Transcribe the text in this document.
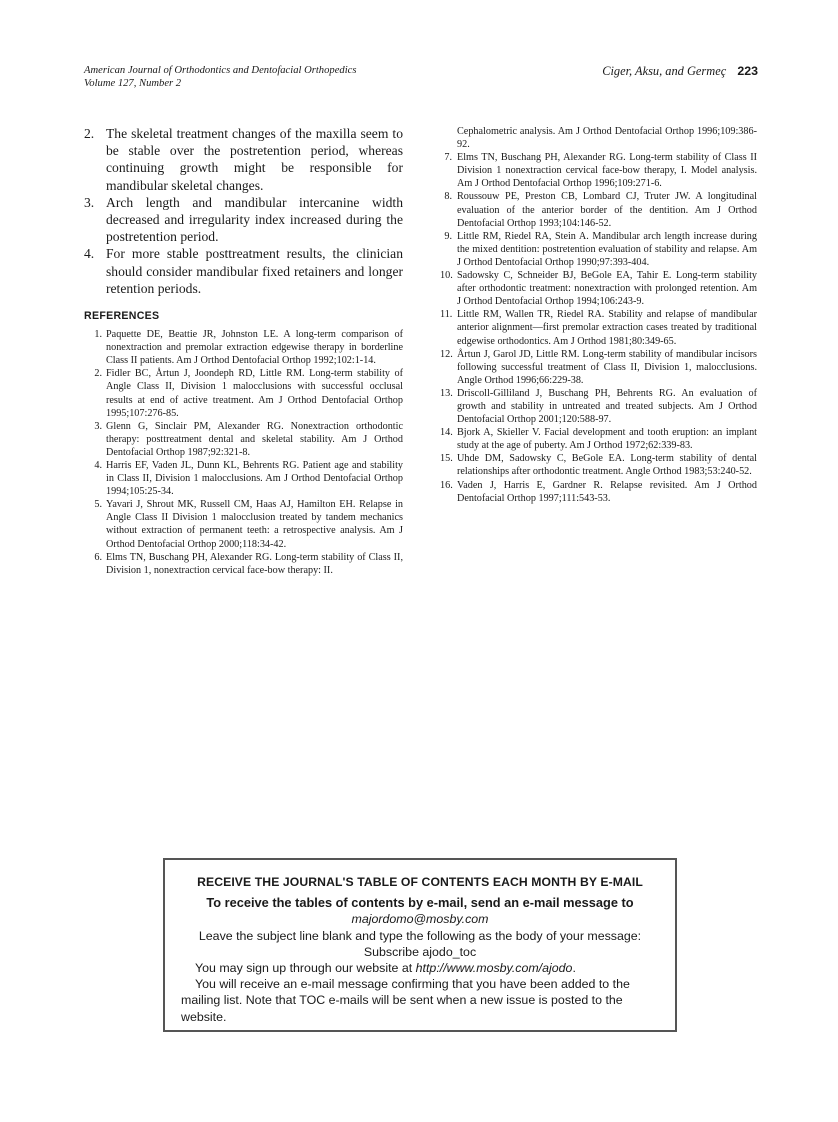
American Journal of Orthodontics and Dentofacial Orthopedics
Volume 127, Number 2
Ciger, Aksu, and Germeç 223
2. The skeletal treatment changes of the maxilla seem to be stable over the postretention period, whereas continuing growth might be responsible for mandibular skeletal changes.
3. Arch length and mandibular intercanine width decreased and irregularity index increased during the postretention period.
4. For more stable posttreatment results, the clinician should consider mandibular fixed retainers and longer retention periods.
REFERENCES
1. Paquette DE, Beattie JR, Johnston LE. A long-term comparison of nonextraction and premolar extraction edgewise therapy in borderline Class II patients. Am J Orthod Dentofacial Orthop 1992;102:1-14.
2. Fidler BC, Årtun J, Joondeph RD, Little RM. Long-term stability of Angle Class II, Division 1 malocclusions with successful occlusal results at end of active treatment. Am J Orthod Dentofacial Orthop 1995;107:276-85.
3. Glenn G, Sinclair PM, Alexander RG. Nonextraction orthodontic therapy: posttreatment dental and skeletal stability. Am J Orthod Dentofacial Orthop 1987;92:321-8.
4. Harris EF, Vaden JL, Dunn KL, Behrents RG. Patient age and stability in Class II, Division 1 malocclusions. Am J Orthod Dentofacial Orthop 1994;105:25-34.
5. Yavari J, Shrout MK, Russell CM, Haas AJ, Hamilton EH. Relapse in Angle Class II Division 1 malocclusion treated by tandem mechanics without extraction of permanent teeth: a retrospective analysis. Am J Orthod Dentofacial Orthop 2000;118:34-42.
6. Elms TN, Buschang PH, Alexander RG. Long-term stability of Class II, Division 1, nonextraction cervical face-bow therapy: II.
Cephalometric analysis. Am J Orthod Dentofacial Orthop 1996;109:386-92.
7. Elms TN, Buschang PH, Alexander RG. Long-term stability of Class II Division 1 nonextraction cervical face-bow therapy, I. Model analysis. Am J Orthod Dentofacial Orthop 1996;109:271-6.
8. Roussouw PE, Preston CB, Lombard CJ, Truter JW. A longitudinal evaluation of the anterior border of the dentition. Am J Orthod Dentofacial Orthop 1993;104:146-52.
9. Little RM, Riedel RA, Stein A. Mandibular arch length increase during the mixed dentition: postretention evaluation of stability and relapse. Am J Orthod Dentofacial Orthop 1990;97:393-404.
10. Sadowsky C, Schneider BJ, BeGole EA, Tahir E. Long-term stability after orthodontic treatment: nonextraction with prolonged retention. Am J Orthod Dentofacial Orthop 1994;106:243-9.
11. Little RM, Wallen TR, Riedel RA. Stability and relapse of mandibular anterior alignment—first premolar extraction cases treated by traditional edgewise orthodontics. Am J Orthod 1981;80:349-65.
12. Årtun J, Garol JD, Little RM. Long-term stability of mandibular incisors following successful treatment of Class II, Division 1, malocclusions. Angle Orthod 1996;66:229-38.
13. Driscoll-Gilliland J, Buschang PH, Behrents RG. An evaluation of growth and stability in untreated and treated subjects. Am J Orthod Dentofacial Orthop 2001;120:588-97.
14. Bjork A, Skieller V. Facial development and tooth eruption: an implant study at the age of puberty. Am J Orthod 1972;62:339-83.
15. Uhde DM, Sadowsky C, BeGole EA. Long-term stability of dental relationships after orthodontic treatment. Angle Orthod 1983;53:240-52.
16. Vaden J, Harris E, Gardner R. Relapse revisited. Am J Orthod Dentofacial Orthop 1997;111:543-53.
RECEIVE THE JOURNAL'S TABLE OF CONTENTS EACH MONTH BY E-MAIL
To receive the tables of contents by e-mail, send an e-mail message to
majordomo@mosby.com
Leave the subject line blank and type the following as the body of your message:
Subscribe ajodo_toc
You may sign up through our website at http://www.mosby.com/ajodo.
You will receive an e-mail message confirming that you have been added to the mailing list. Note that TOC e-mails will be sent when a new issue is posted to the website.
